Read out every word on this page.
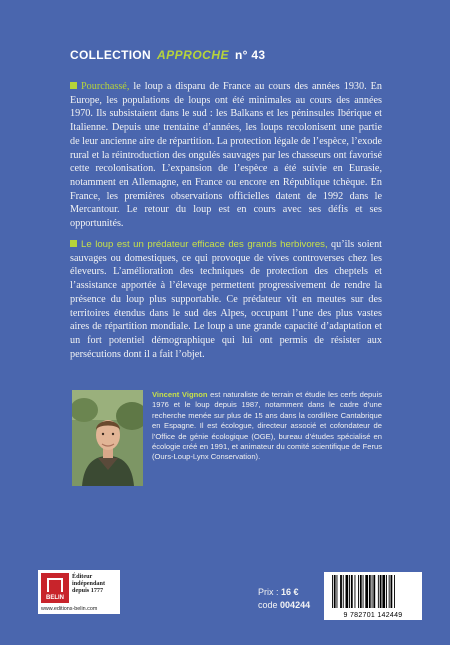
COLLECTION APPROCHE n° 43
Pourchassé, le loup a disparu de France au cours des années 1930. En Europe, les populations de loups ont été minimales au cours des années 1970. Ils subsistaient dans le sud : les Balkans et les péninsules Ibérique et Italienne. Depuis une trentaine d’années, les loups recolonisent une partie de leur ancienne aire de répartition. La protection légale de l’espèce, l’exode rural et la réintroduction des ongulés sauvages par les chasseurs ont favorisé cette recolonisation. L’expansion de l’espèce a été suivie en Eurasie, notamment en Allemagne, en France ou encore en République tchèque. En France, les premières observations officielles datent de 1992 dans le Mercantour. Le retour du loup est en cours avec ses défis et ses opportunités.
Le loup est un prédateur efficace des grands herbivores, qu’ils soient sauvages ou domestiques, ce qui provoque de vives controverses chez les éleveurs. L’amélioration des techniques de protection des cheptels et l’assistance apportée à l’élevage permettent progressivement de rendre la présence du loup plus supportable. Ce prédateur vit en meutes sur des territoires étendus dans le sud des Alpes, occupant l’une des plus vastes aires de répartition mondiale. Le loup a une grande capacité d’adaptation et un fort potentiel démographique qui lui ont permis de résister aux persécutions dont il a fait l’objet.
Vincent Vignon est naturaliste de terrain et étudie les cerfs depuis 1976 et le loup depuis 1987, notamment dans le cadre d’une recherche menée sur plus de 15 ans dans la cordillère Cantabrique en Espagne. Il est écologue, directeur associé et cofondateur de l’Office de génie écologique (OGE), bureau d’études spécialisé en écologie créé en 1991, et animateur du comité scientifique de Ferus (Ours-Loup-Lynx Conservation).
BELIN
Éditeur indépendant depuis 1777
www.editions-belin.com
Prix : 16 €
code 004244
9 782701 142449
